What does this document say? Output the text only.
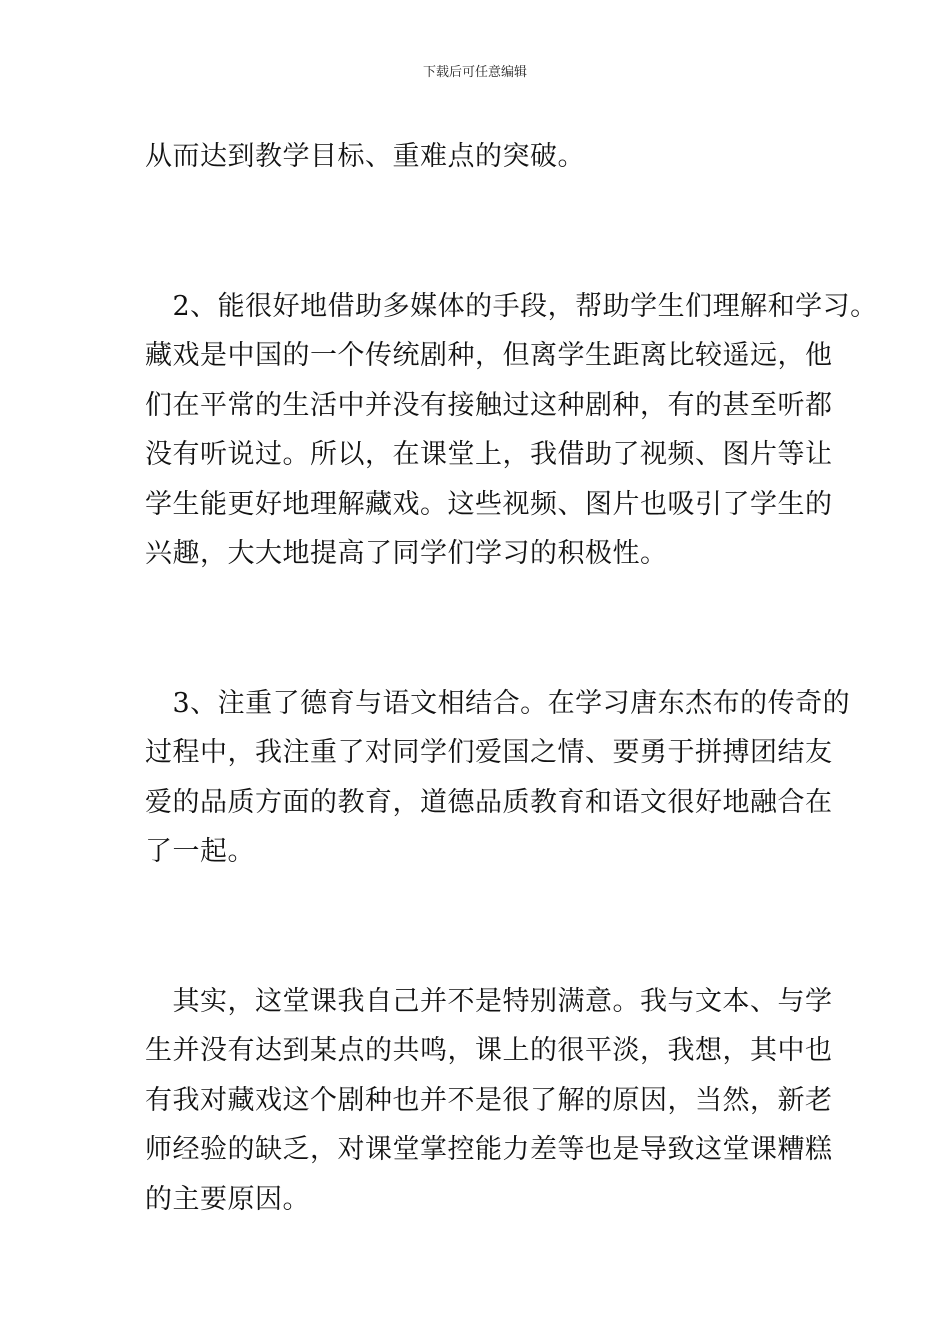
下载后可任意编辑

从而达到教学目标、重难点的突破。

　2、能很好地借助多媒体的手段，帮助学生们理解和学习。
藏戏是中国的一个传统剧种，但离学生距离比较遥远，他
们在平常的生活中并没有接触过这种剧种，有的甚至听都
没有听说过。所以，在课堂上，我借助了视频、图片等让
学生能更好地理解藏戏。这些视频、图片也吸引了学生的
兴趣，大大地提高了同学们学习的积极性。

　3、注重了德育与语文相结合。在学习唐东杰布的传奇的
过程中，我注重了对同学们爱国之情、要勇于拼搏团结友
爱的品质方面的教育，道德品质教育和语文很好地融合在
了一起。

　其实，这堂课我自己并不是特别满意。我与文本、与学
生并没有达到某点的共鸣，课上的很平淡，我想，其中也
有我对藏戏这个剧种也并不是很了解的原因，当然，新老
师经验的缺乏，对课堂掌控能力差等也是导致这堂课糟糕
的主要原因。
